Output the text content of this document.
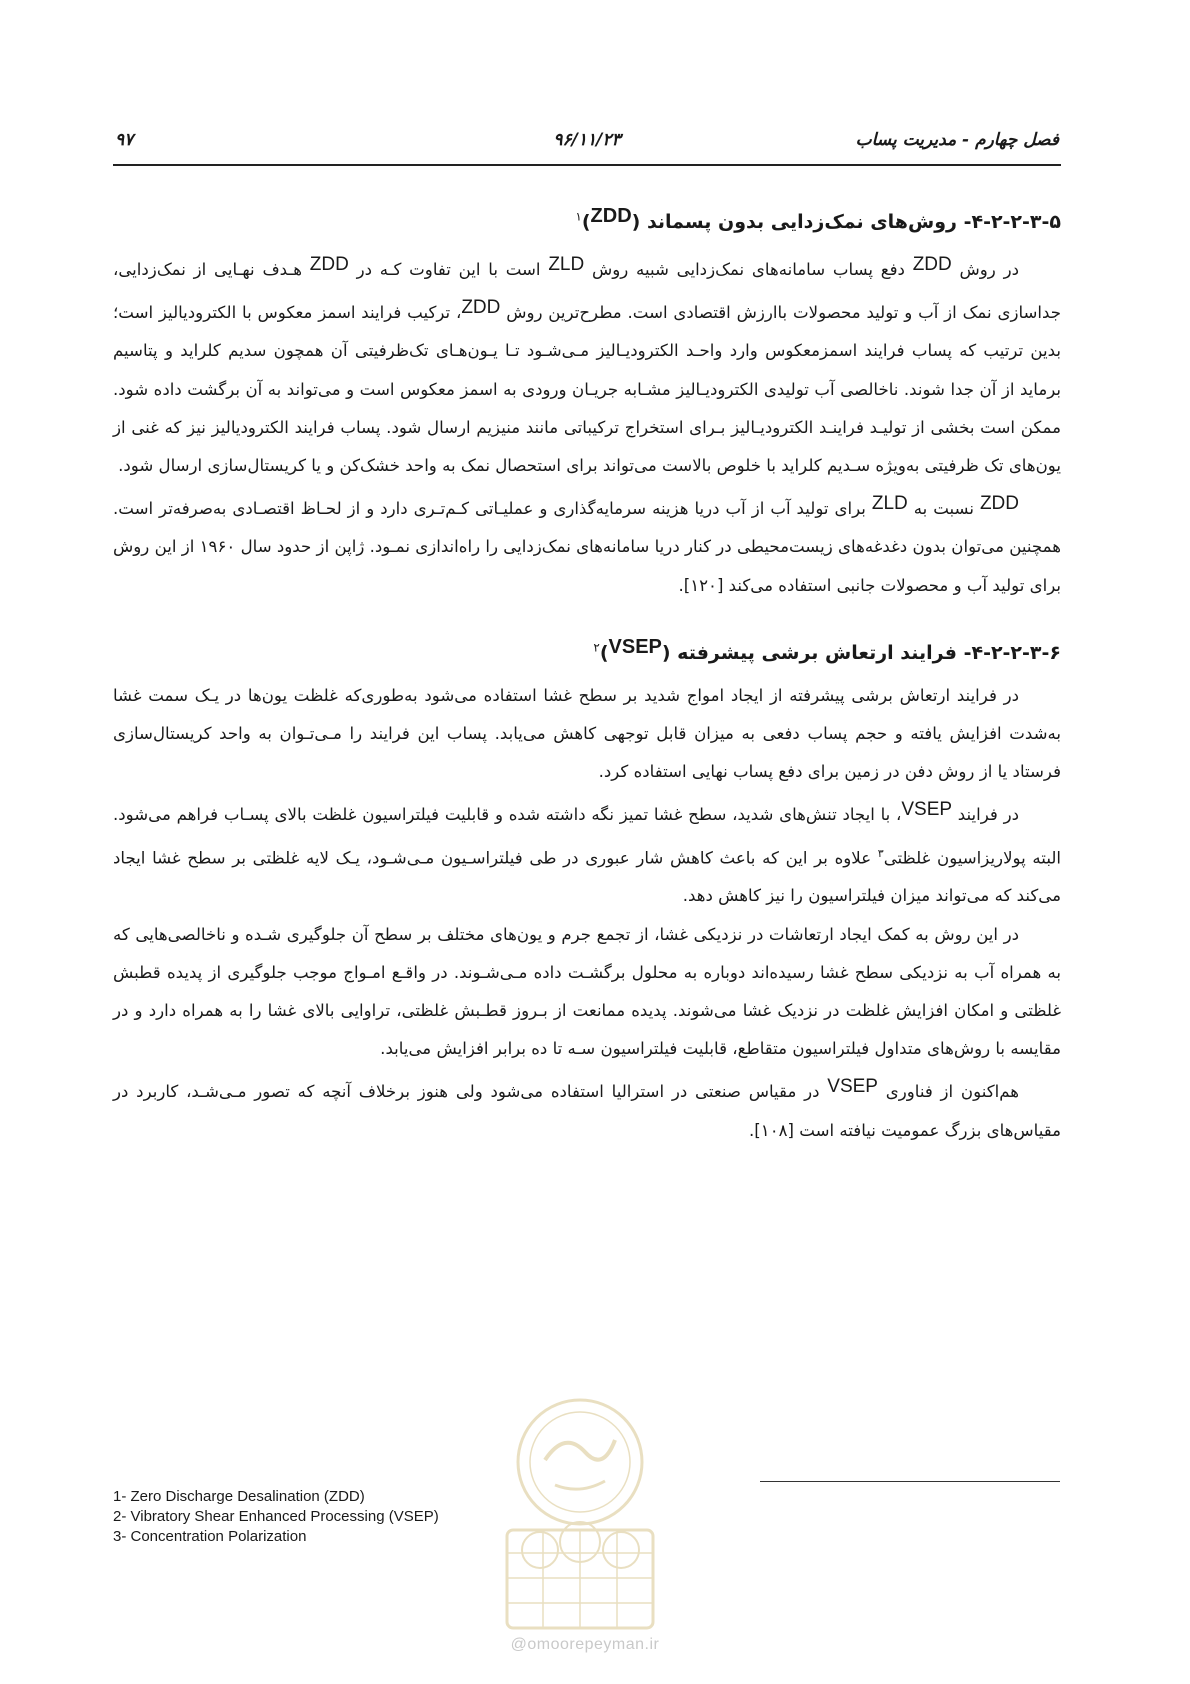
۹۷	۹۶/۱۱/۲۳	فصل چهارم - مدیریت پساب
۴-۲-۲-۳-۵- روش‌های نمک‌زدایی بدون پسماند (ZDD)$^۱$

در روش ZDD دفع پساب سامانه‌های نمک‌زدایی شبیه روش ZLD است با این تفاوت کـه در ZDD هـدف نهـایی از نمک‌زدایی، جداسازی نمک از آب و تولید محصولات باارزش اقتصادی است. مطرح‌ترین روش ZDD، ترکیب فرایند اسمز معکوس با الکترودیالیز است؛ بدین ترتیب که پساب فرایند اسمزمعکوس وارد واحـد الکترودیـالیز مـی‌شـود تـا یـون‌هـای تک‌ظرفیتی آن همچون سدیم کلراید و پتاسیم برماید از آن جدا شوند. ناخالصی آب تولیدی الکترودیـالیز مشـابه جریـان ورودی به اسمز معکوس است و می‌تواند به آن برگشت داده شود. ممکن است بخشی از تولیـد فراینـد الکترودیـالیز بـرای استخراج ترکیباتی مانند منیزیم ارسال شود. پساب فرایند الکترودیالیز نیز که غنی از یون‌های تک ظرفیتی به‌ویژه سـدیم کلراید با خلوص بالاست می‌تواند برای استحصال نمک به واحد خشک‌کن و یا کریستال‌سازی ارسال شود.

ZDD نسبت به ZLD برای تولید آب از آب دریا هزینه سرمایه‌گذاری و عملیـاتی کـم‌تـری دارد و از لحـاظ اقتصـادی به‌صرفه‌تر است. همچنین می‌توان بدون دغدغه‌های زیست‌محیطی در کنار دریا سامانه‌های نمک‌زدایی را راه‌اندازی نمـود. ژاپن از حدود سال ۱۹۶۰ از این روش برای تولید آب و محصولات جانبی استفاده می‌کند [۱۲۰].

۴-۲-۲-۳-۶- فرایند ارتعاش برشی پیشرفته (VSEP)$^۲$

در فرایند ارتعاش برشی پیشرفته از ایجاد امواج شدید بر سطح غشا استفاده می‌شود به‌طوری‌که غلظت یون‌ها در یـک سمت غشا به‌شدت افزایش یافته و حجم پساب دفعی به میزان قابل توجهی کاهش می‌یابد. پساب این فرایند را مـی‌تـوان به واحد کریستال‌سازی فرستاد یا از روش دفن در زمین برای دفع پساب نهایی استفاده کرد.

در فرایند VSEP، با ایجاد تنش‌های شدید، سطح غشا تمیز نگه داشته شده و قابلیت فیلتراسیون غلظت بالای پسـاب فراهم می‌شود. البته پولاریزاسیون غلظتی$^۳$ علاوه بر این که باعث کاهش شار عبوری در طی فیلتراسـیون مـی‌شـود، یـک لایه غلظتی بر سطح غشا ایجاد می‌کند که می‌تواند میزان فیلتراسیون را نیز کاهش دهد.

در این روش به کمک ایجاد ارتعاشات در نزدیکی غشا، از تجمع جرم و یون‌های مختلف بر سطح آن جلوگیری شـده و ناخالصی‌هایی که به همراه آب به نزدیکی سطح غشا رسیده‌اند دوباره به محلول برگشـت داده مـی‌شـوند. در واقـع امـواج موجب جلوگیری از پدیده قطبش غلظتی و امکان افزایش غلظت در نزدیک غشا می‌شوند. پدیده ممانعت از بـروز قطـبش غلظتی، تراوایی بالای غشا را به همراه دارد و در مقایسه با روش‌های متداول فیلتراسیون متقاطع، قابلیت فیلتراسیون سـه تا ده برابر افزایش می‌یابد.

هم‌اکنون از فناوری VSEP در مقیاس صنعتی در استرالیا استفاده می‌شود ولی هنوز برخلاف آنچه که تصور مـی‌شـد، کاربرد در مقیاس‌های بزرگ عمومیت نیافته است [۱۰۸].

1- Zero Discharge Desalination (ZDD)
2- Vibratory Shear Enhanced Processing (VSEP)
3- Concentration Polarization
@omoorepeyman.ir
